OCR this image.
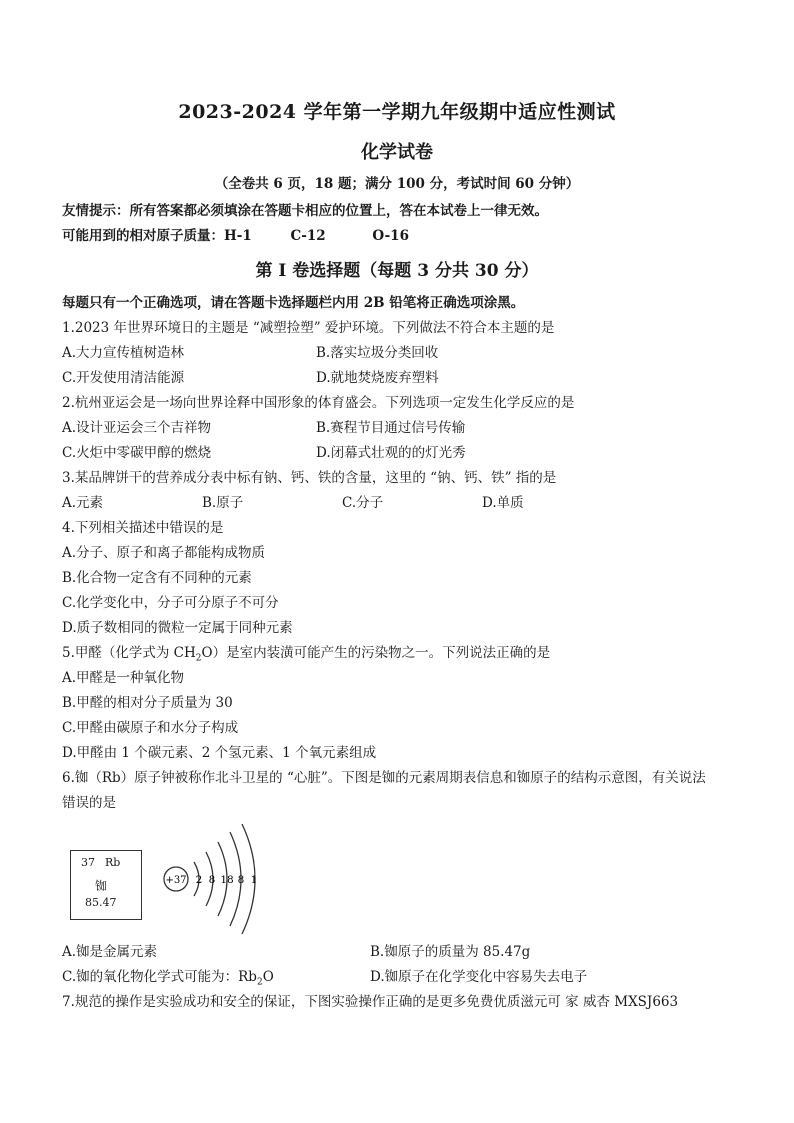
2023-2024 学年第一学期九年级期中适应性测试
化学试卷
（全卷共 6 页，18 题；满分 100 分，考试时间 60 分钟）
友情提示：所有答案都必须填涂在答题卡相应的位置上，答在本试卷上一律无效。
可能用到的相对原子质量：H-1	C-12	O-16
第 I 卷选择题（每题 3 分共 30 分）
每题只有一个正确选项，请在答题卡选择题栏内用 2B 铅笔将正确选项涂黑。
1.2023 年世界环境日的主题是 “减塑捡塑” 爱护环境。下列做法不符合本主题的是
A.大力宣传植树造林	B.落实垃圾分类回收
C.开发使用清洁能源	D.就地焚烧废弃塑料
2.杭州亚运会是一场向世界诠释中国形象的体育盛会。下列选项一定发生化学反应的是
A.设计亚运会三个吉祥物	B.赛程节目通过信号传输
C.火炬中零碳甲醇的燃烧	D.闭幕式壮观的的灯光秀
3.某品牌饼干的营养成分表中标有钠、钙、铁的含量，这里的 “钠、钙、铁” 指的是
A.元素	B.原子	C.分子	D.单质
4.下列相关描述中错误的是
A.分子、原子和离子都能构成物质
B.化合物一定含有不同种的元素
C.化学变化中，分子可分原子不可分
D.质子数相同的微粒一定属于同种元素
5.甲醛（化学式为 $CH_2O$）是室内装潢可能产生的污染物之一。下列说法正确的是
A.甲醛是一种氧化物
B.甲醛的相对分子质量为 30
C.甲醛由碳原子和水分子构成
D.甲醛由 1 个碳元素、2 个氢元素、1 个氧元素组成
6.铷（Rb）原子钟被称作北斗卫星的 “心脏”。下图是铷的元素周期表信息和铷原子的结构示意图，有关说法
错误的是
37 Rb
铷
85.47
+37 2 8 18 8 1
A.铷是金属元素	B.铷原子的质量为 85.47g
C.铷的氧化物化学式可能为：$Rb_2O$	D.铷原子在化学变化中容易失去电子
7.规范的操作是实验成功和安全的保证，下图实验操作正确的是更多免费优质滋元可 家 威杏 MXSJ663
